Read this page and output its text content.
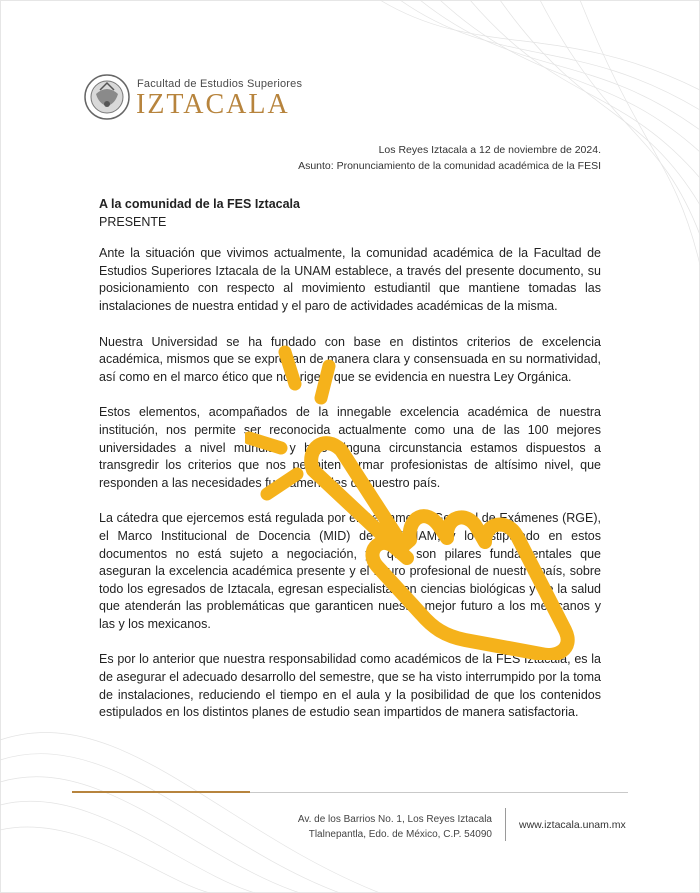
Facultad de Estudios Superiores
IZTACALA
Los Reyes Iztacala a 12 de noviembre de 2024.
Asunto: Pronunciamiento de la comunidad académica de la FESI

A la comunidad de la FES Iztacala

PRESENTE

Ante la situación que vivimos actualmente, la comunidad académica de la Facultad de Estudios Superiores Iztacala de la UNAM establece, a través del presente documento, su posicionamiento con respecto al movimiento estudiantil que mantiene tomadas las instalaciones de nuestra entidad y el paro de actividades académicas de la misma.

Nuestra Universidad se ha fundado con base en distintos criterios de excelencia académica, mismos que se expresan de manera clara y consensuada en su normatividad, así como en el marco ético que nos rige y que se evidencia en nuestra Ley Orgánica.

Estos elementos, acompañados de la innegable excelencia académica de nuestra institución, nos permite ser reconocida actualmente como una de las 100 mejores universidades a nivel mundial, y bajo ninguna circunstancia estamos dispuestos a transgredir los criterios que nos permiten formar profesionistas de altísimo nivel, que responden a las necesidades fundamentales de nuestro país.

La cátedra que ejercemos está regulada por el Reglamento General de Exámenes (RGE), el Marco Institucional de Docencia (MID) de la UNAM; y lo estipulado en estos documentos no está sujeto a negociación, ya que son pilares fundamentales que aseguran la excelencia académica presente y el futuro profesional de nuestro país, sobre todo los egresados de Iztacala, egresan especialistas en ciencias biológicas y de la salud que atenderán las problemáticas que garanticen nuestro mejor futuro a los mexicanos y las y los mexicanos.

Es por lo anterior que nuestra responsabilidad como académicos de la FES Iztacala, es la de asegurar el adecuado desarrollo del semestre, que se ha visto interrumpido por la toma de instalaciones, reduciendo el tiempo en el aula y la posibilidad de que los contenidos estipulados en los distintos planes de estudio sean impartidos de manera satisfactoria.

Av. de los Barrios No. 1, Los Reyes Iztacala
Tlalnepantla, Edo. de México, C.P. 54090
www.iztacala.unam.mx
